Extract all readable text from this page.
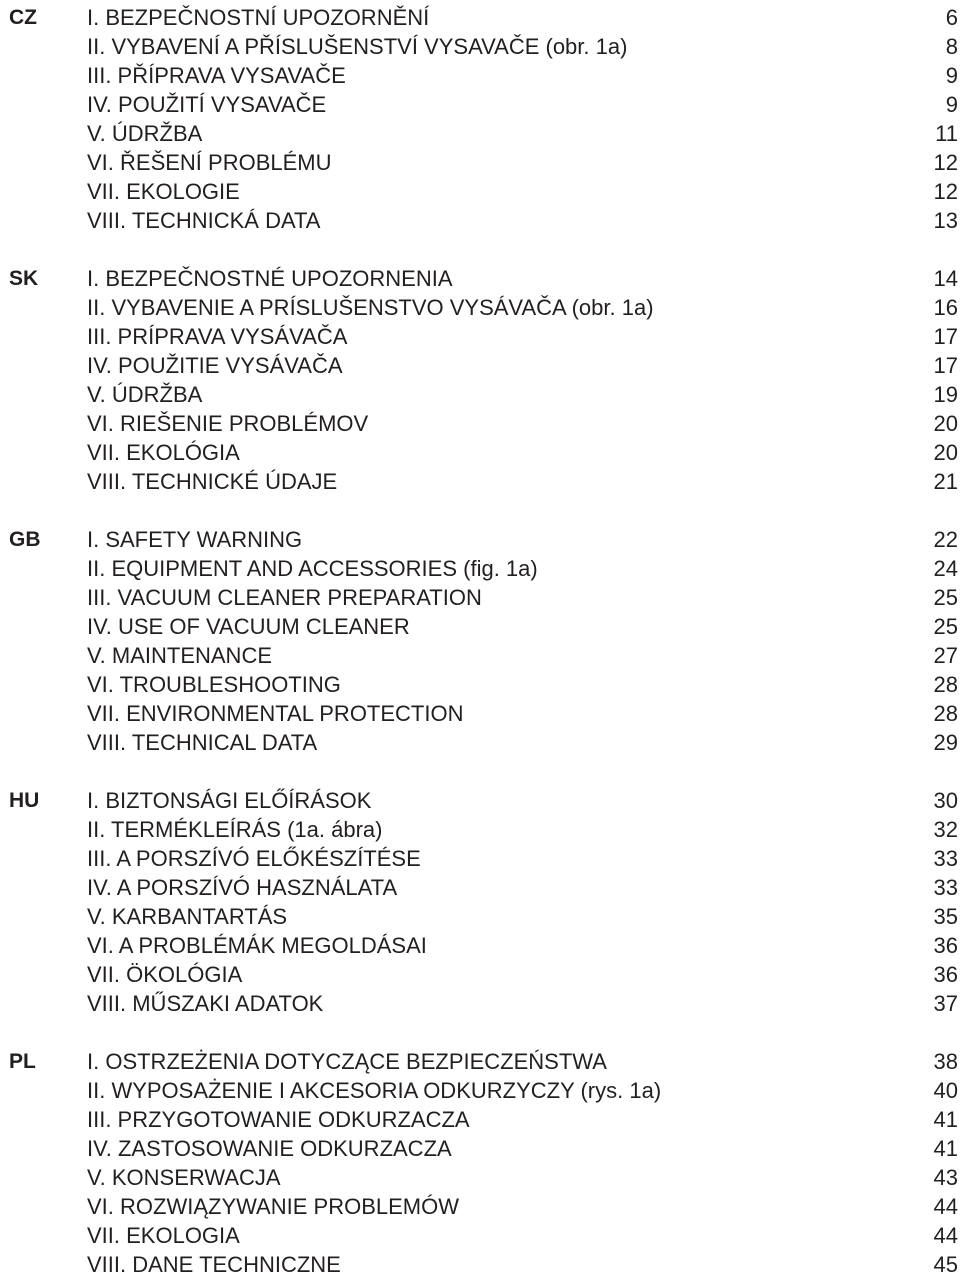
CZ I. BEZPEČNOSTNÍ UPOZORNĚNÍ	6
II. VYBAVENÍ A PŘÍSLUŠENSTVÍ VYSAVAČE (obr. 1a)	8
III. PŘÍPRAVA VYSAVAČE	9
IV. POUŽITÍ VYSAVAČE	9
V. ÚDRŽBA	11
VI. ŘEŠENÍ PROBLÉMU	12
VII. EKOLOGIE	12
VIII. TECHNICKÁ DATA	13
SK I. BEZPEČNOSTNÉ UPOZORNENIA	14
II. VYBAVENIE A PRÍSLUŠENSTVO VYSÁVAČA (obr. 1a)	16
III. PRÍPRAVA VYSÁVAČA	17
IV. POUŽITIE VYSÁVAČA	17
V. ÚDRŽBA	19
VI. RIEŠENIE PROBLÉMOV	20
VII. EKOLÓGIA	20
VIII. TECHNICKÉ ÚDAJE	21
GB I. SAFETY WARNING	22
II. EQUIPMENT AND ACCESSORIES (fig. 1a)	24
III. VACUUM CLEANER PREPARATION	25
IV. USE OF VACUUM CLEANER	25
V. MAINTENANCE	27
VI. TROUBLESHOOTING	28
VII. ENVIRONMENTAL PROTECTION	28
VIII. TECHNICAL DATA	29
HU I. BIZTONSÁGI ELŐÍRÁSOK	30
II. TERMÉKLEÍRÁS (1a. ábra)	32
III. A PORSZÍVÓ ELŐKÉSZÍTÉSE	33
IV. A PORSZÍVÓ HASZNÁLATA	33
V. KARBANTARTÁS	35
VI. A PROBLÉMÁK MEGOLDÁSAI	36
VII. ÖKOLÓGIA	36
VIII. MŰSZAKI ADATOK	37
PL I. OSTRZEŻENIA DOTYCZĄCE BEZPIECZEŃSTWA	38
II. WYPOSAŻENIE I AKCESORIA ODKURZYCZY (rys. 1a)	40
III. PRZYGOTOWANIE ODKURZACZA	41
IV. ZASTOSOWANIE ODKURZACZA	41
V. KONSERWACJA	43
VI. ROZWIĄZYWANIE PROBLEMÓW	44
VII. EKOLOGIA	44
VIII. DANE TECHNICZNE	45
